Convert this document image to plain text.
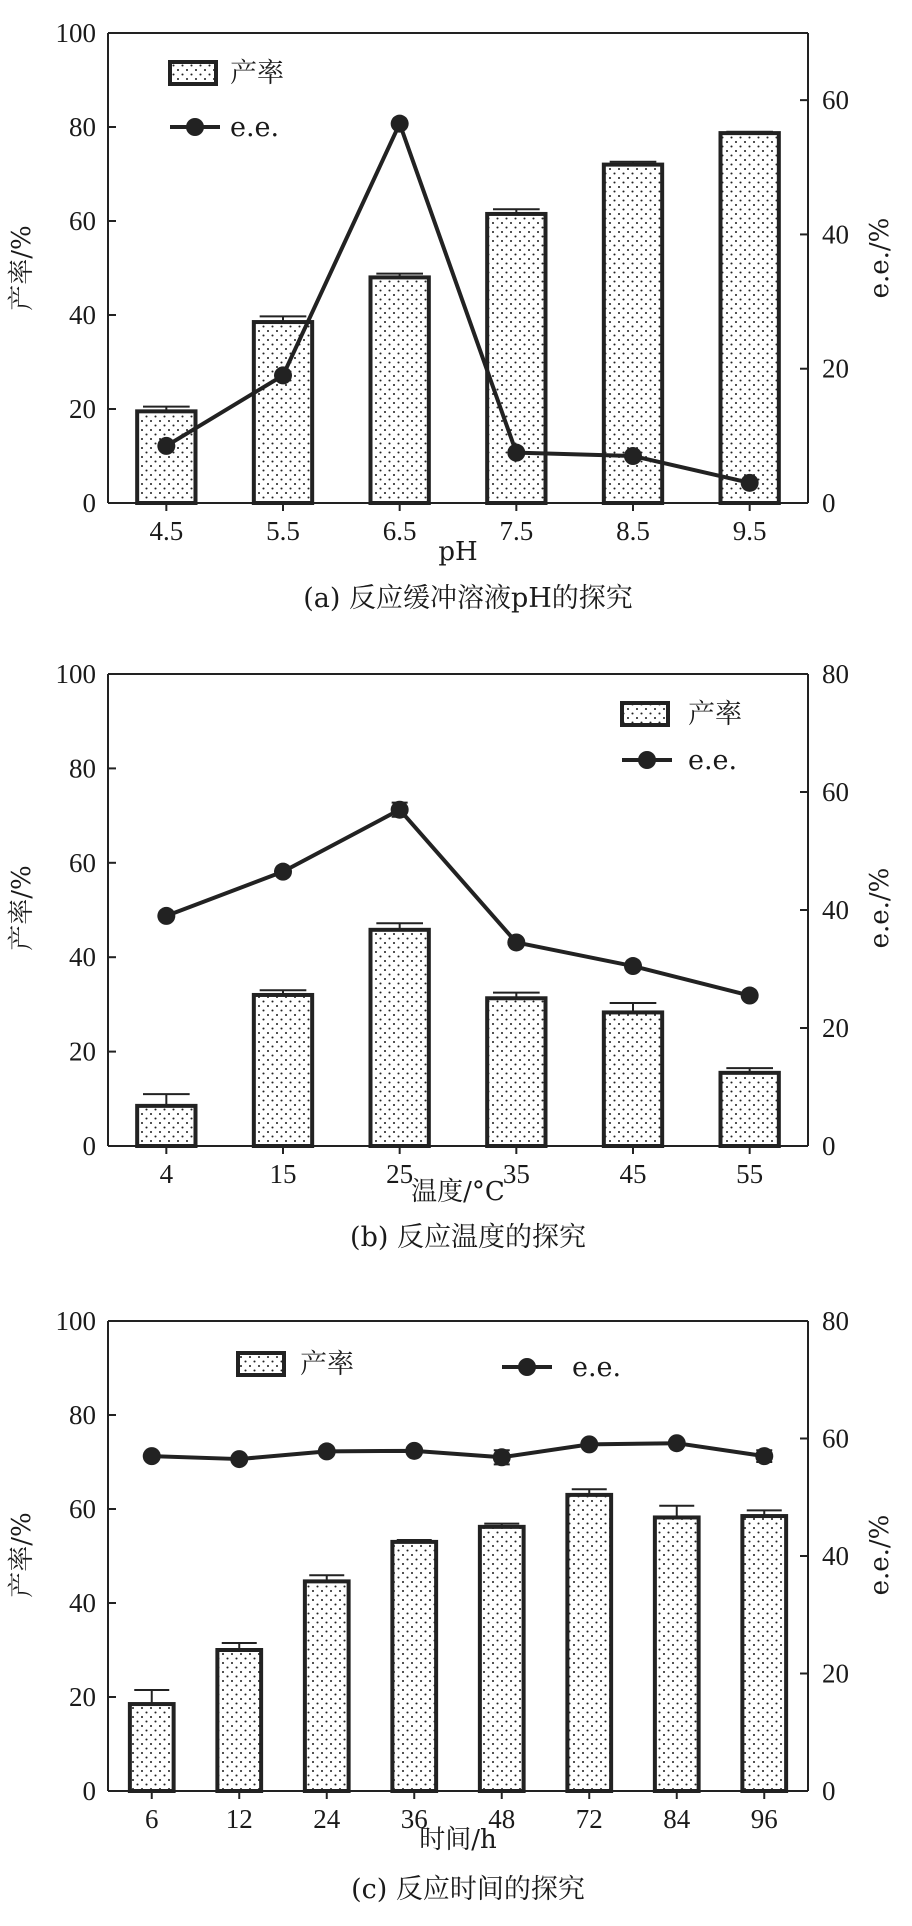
0
20
40
60
80
100
0
20
40
60
4.5	5.5	6.5	7.5	8.5	9.5
产率/%	e.e./%
pH
(a) 反应缓冲溶液pH的探究
产率
e.e.
0
20
40
60
80
100
0
20
40
60
80
4	15	25	35	45	55
产率/%	e.e./%
温度/°C
(b) 反应温度的探究
产率
e.e.
0
20
40
60
80
100
0
20
40
60
80
6 12 24 36 48 72 84 96
产率/%	e.e./%
时间/h
(c) 反应时间的探究
产率	e.e.
